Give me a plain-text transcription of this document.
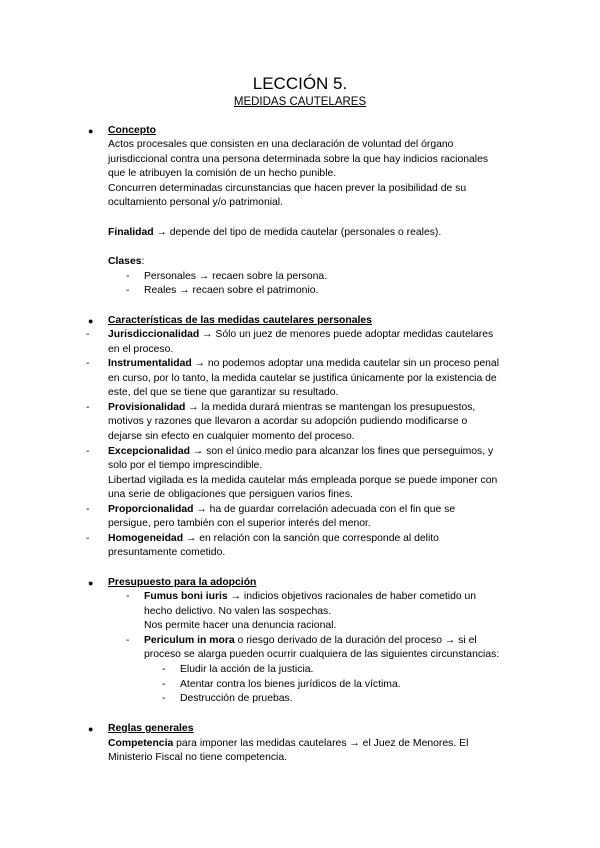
LECCIÓN 5.
MEDIDAS CAUTELARES
● Concepto
Actos procesales que consisten en una declaración de voluntad del órgano
jurisdiccional contra una persona determinada sobre la que hay indicios racionales
que le atribuyen la comisión de un hecho punible.
Concurren determinadas circunstancias que hacen prever la posibilidad de su
ocultamiento personal y/o patrimonial.
Finalidad → depende del tipo de medida cautelar (personales o reales).
Clases:
- Personales → recaen sobre la persona.
- Reales → recaen sobre el patrimonio.
● Características de las medidas cautelares personales
- Jurisdiccionalidad → Sólo un juez de menores puede adoptar medidas cautelares
en el proceso.
- Instrumentalidad → no podemos adoptar una medida cautelar sin un proceso penal
en curso, por lo tanto, la medida cautelar se justifica únicamente por la existencia de
este, del que se tiene que garantizar su resultado.
- Provisionalidad → la medida durará mientras se mantengan los presupuestos,
motivos y razones que llevaron a acordar su adopción pudiendo modificarse o
dejarse sin efecto en cualquier momento del proceso.
- Excepcionalidad → son el único medio para alcanzar los fines que perseguimos, y
solo por el tiempo imprescindible.
Libertad vigilada es la medida cautelar más empleada porque se puede imponer con
una serie de obligaciones que persiguen varios fines.
- Proporcionalidad → ha de guardar correlación adecuada con el fin que se
persigue, pero también con el superior interés del menor.
- Homogeneidad → en relación con la sanción que corresponde al delito
presuntamente cometido.
● Presupuesto para la adopción
- Fumus boni iuris → indicios objetivos racionales de haber cometido un
hecho delictivo. No valen las sospechas.
Nos permite hacer una denuncia racional.
- Periculum in mora o riesgo derivado de la duración del proceso → si el
proceso se alarga pueden ocurrir cualquiera de las siguientes circunstancias:
- Eludir la acción de la justicia.
- Atentar contra los bienes jurídicos de la víctima.
- Destrucción de pruebas.
● Reglas generales
Competencia para imponer las medidas cautelares → el Juez de Menores. El
Ministerio Fiscal no tiene competencia.
